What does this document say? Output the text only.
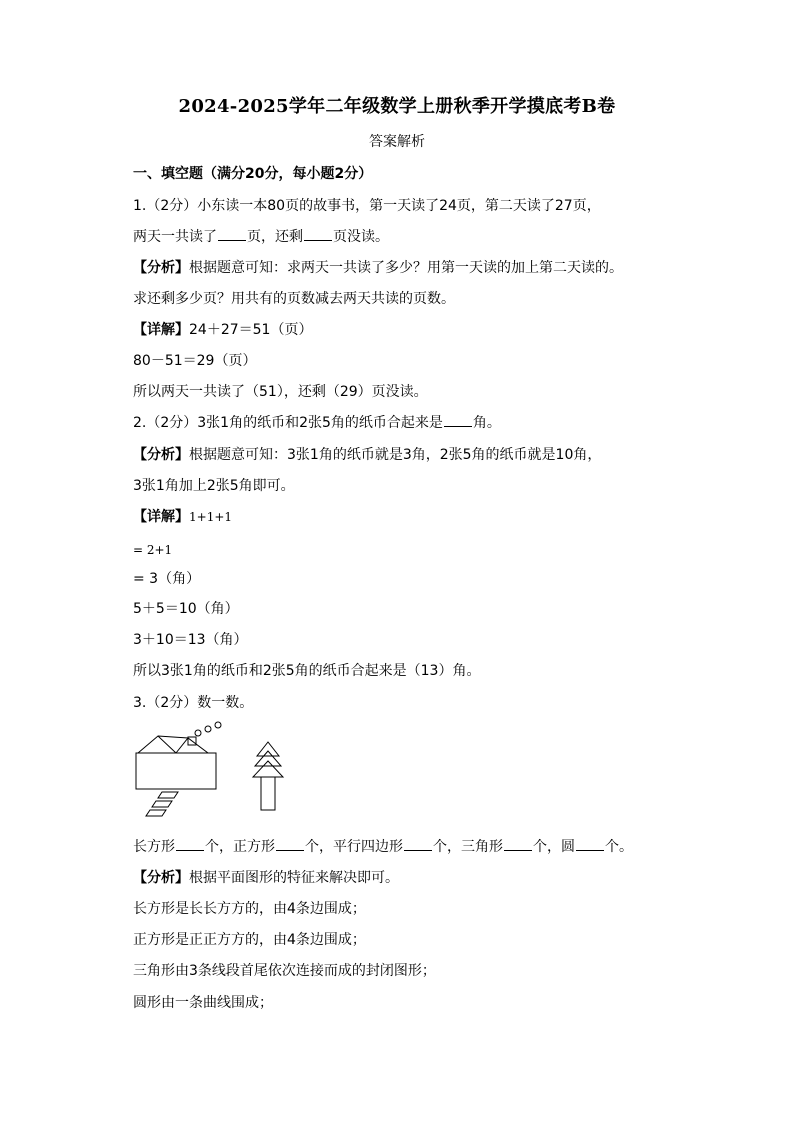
2024-2025学年二年级数学上册秋季开学摸底考B卷
答案解析
一、填空题（满分20分，每小题2分）
1.（2分）小东读一本80页的故事书，第一天读了24页，第二天读了27页，
两天一共读了 页，还剩 页没读。
【分析】根据题意可知：求两天一共读了多少？用第一天读的加上第二天读的。
求还剩多少页？用共有的页数减去两天共读的页数。
【详解】24＋27＝51（页）
80－51＝29（页）
所以两天一共读了（51），还剩（29）页没读。
2.（2分）3张1角的纸币和2张5角的纸币合起来是 角。
【分析】根据题意可知：3张1角的纸币就是3角，2张5角的纸币就是10角，
3张1角加上2张5角即可。
【详解】1+1+1
= 2+1
= 3（角）
5＋5＝10（角）
3＋10＝13（角）
所以3张1角的纸币和2张5角的纸币合起来是（13）角。
3.（2分）数一数。
长方形 个，正方形 个，平行四边形 个，三角形 个，圆 个。
【分析】根据平面图形的特征来解决即可。
长方形是长长方方的，由4条边围成；
正方形是正正方方的，由4条边围成；
三角形由3条线段首尾依次连接而成的封闭图形；
圆形由一条曲线围成；
